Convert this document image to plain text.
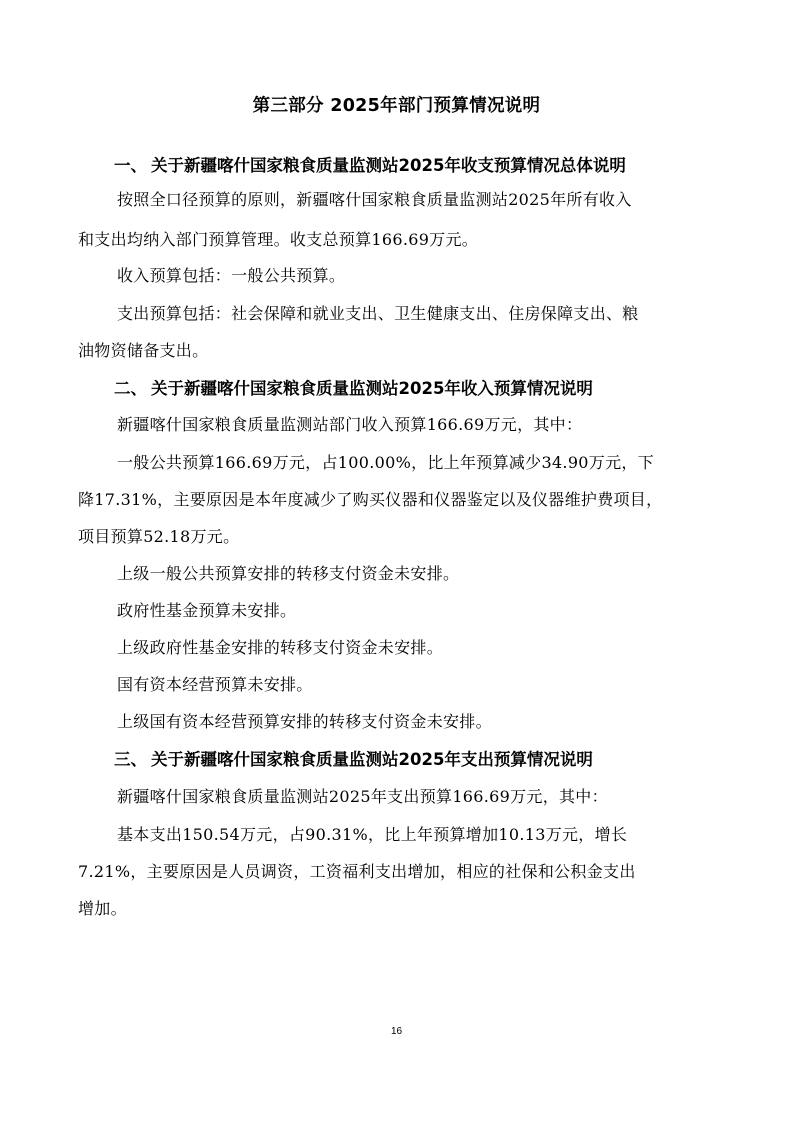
第三部分 2025年部门预算情况说明
一、 关于新疆喀什国家粮食质量监测站2025年收支预算情况总体说明
按照全口径预算的原则，新疆喀什国家粮食质量监测站2025年所有收入
和支出均纳入部门预算管理。收支总预算166.69万元。
收入预算包括：一般公共预算。
支出预算包括：社会保障和就业支出、卫生健康支出、住房保障支出、粮
油物资储备支出。
二、 关于新疆喀什国家粮食质量监测站2025年收入预算情况说明
新疆喀什国家粮食质量监测站部门收入预算166.69万元，其中：
一般公共预算166.69万元，占100.00%，比上年预算减少34.90万元，下
降17.31%，主要原因是本年度减少了购买仪器和仪器鉴定以及仪器维护费项目，
项目预算52.18万元。
上级一般公共预算安排的转移支付资金未安排。
政府性基金预算未安排。
上级政府性基金安排的转移支付资金未安排。
国有资本经营预算未安排。
上级国有资本经营预算安排的转移支付资金未安排。
三、 关于新疆喀什国家粮食质量监测站2025年支出预算情况说明
新疆喀什国家粮食质量监测站2025年支出预算166.69万元，其中：
基本支出150.54万元，占90.31%，比上年预算增加10.13万元，增长
7.21%，主要原因是人员调资，工资福利支出增加，相应的社保和公积金支出
增加。
16
